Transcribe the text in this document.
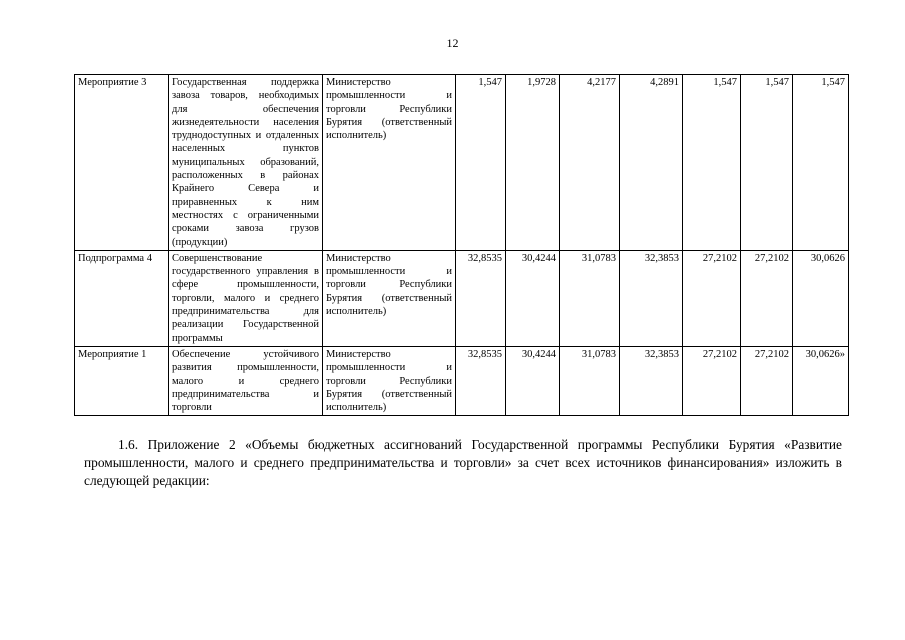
12
Мероприятие 3	Государственная поддержка завоза товаров, необходимых для обеспечения жизнедеятельности населения труднодоступных и отдаленных населенных пунктов муниципальных образований, расположенных в районах Крайнего Севера и приравненных к ним местностях с ограниченными сроками завоза грузов (продукции)	Министерство промышленности и торговли Республики Бурятия (ответственный исполнитель)	1,547	1,9728	4,2177	4,2891	1,547	1,547	1,547
Подпрограмма 4	Совершенствование государственного управления в сфере промышленности, торговли, малого и среднего предпринимательства для реализации Государственной программы	Министерство промышленности и торговли Республики Бурятия (ответственный исполнитель)	32,8535	30,4244	31,0783	32,3853	27,2102	27,2102	30,0626
Мероприятие 1	Обеспечение устойчивого развития промышленности, малого и среднего предпринимательства и торговли	Министерство промышленности и торговли Республики Бурятия (ответственный исполнитель)	32,8535	30,4244	31,0783	32,3853	27,2102	27,2102	30,0626»
1.6. Приложение 2 «Объемы бюджетных ассигнований Государственной программы Республики Бурятия «Развитие промышленности, малого и среднего предпринимательства и торговли» за счет всех источников финансирования» изложить в следующей редакции:
